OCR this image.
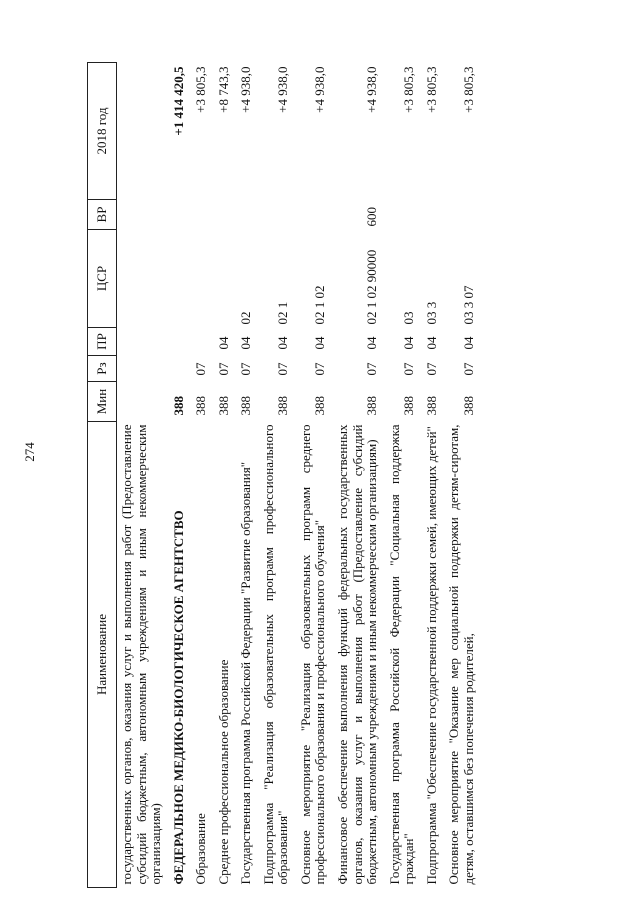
274
Наименование	Мин	Рз	ПР	ЦСР	ВР	2018 год
государственных органов, оказания услуг и выполнения работ (Предоставление субсидий бюджетным, автономным учреждениям и иным некоммерческим организациям)						
ФЕДЕРАЛЬНОЕ МЕДИКО-БИОЛОГИЧЕСКОЕ АГЕНТСТВО	388					+1 414 420,5
Образование	388	07				+3 805,3
Среднее профессиональное образование	388	07	04			+8 743,3
Государственная программа Российской Федерации "Развитие образования"	388	07	04	02		+4 938,0
Подпрограмма "Реализация образовательных программ профессионального образования"	388	07	04	02 1		+4 938,0
Основное мероприятие "Реализация образовательных программ среднего профессионального образования и профессионального обучения"	388	07	04	02 1 02		+4 938,0
Финансовое обеспечение выполнения функций федеральных государственных органов, оказания услуг и выполнения работ (Предоставление субсидий бюджетным, автономным учреждениям и иным некоммерческим организациям)	388	07	04	02 1 02 90000	600	+4 938,0
Государственная программа Российской Федерации "Социальная поддержка граждан"	388	07	04	03		+3 805,3
Подпрограмма "Обеспечение государственной поддержки семей, имеющих детей"	388	07	04	03 3		+3 805,3
Основное мероприятие "Оказание мер социальной поддержки детям-сиротам, детям, оставшимся без попечения родителей,	388	07	04	03 3 07		+3 805,3
